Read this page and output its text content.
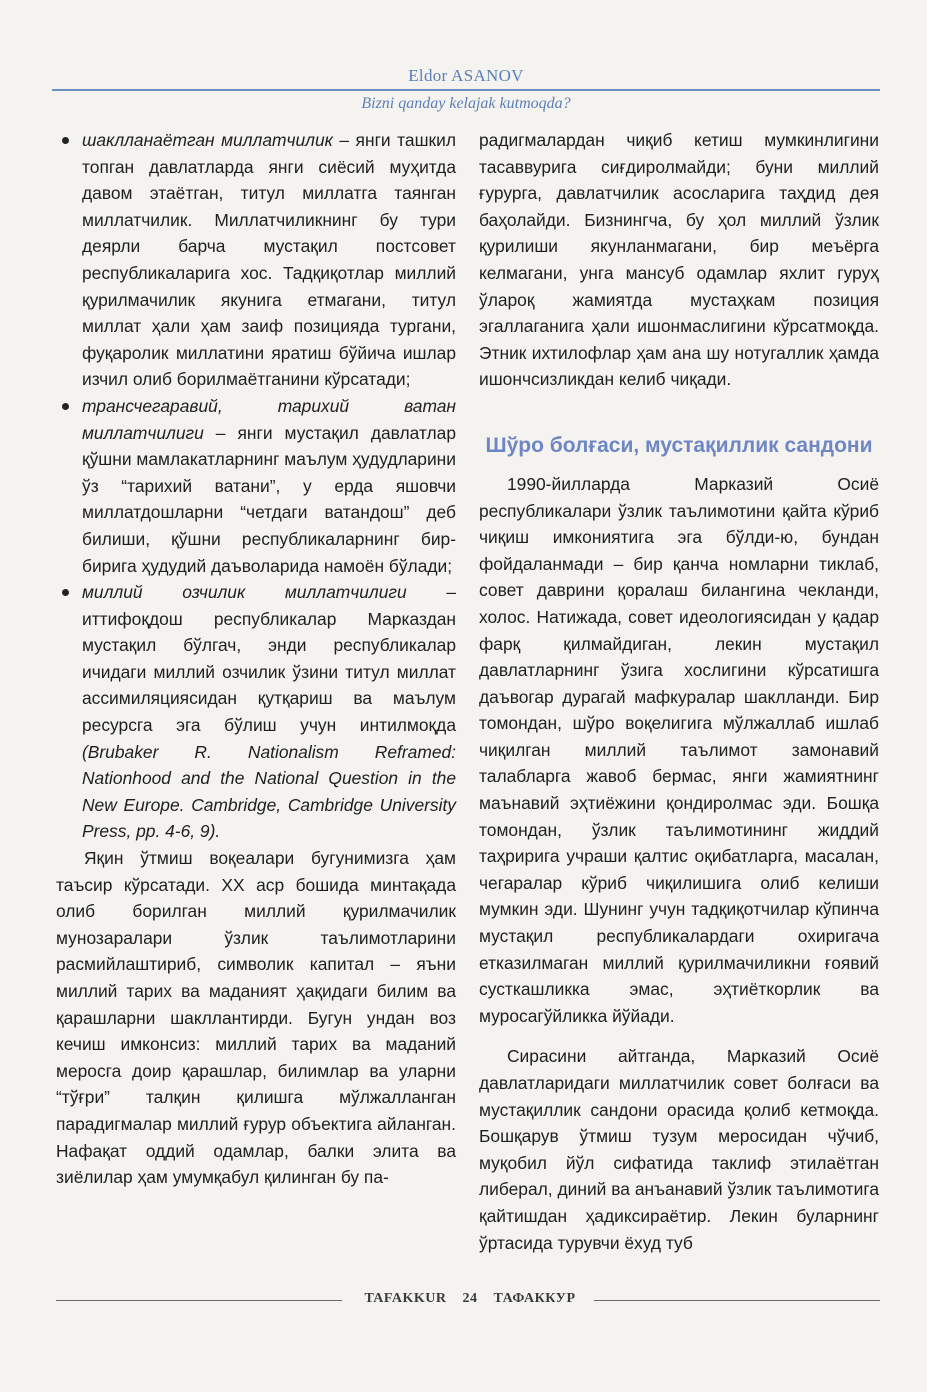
Eldor ASANOV
Bizni qanday kelajak kutmoqda?
шаклланаётган миллатчилик – янги ташкил топган давлатларда янги сиёсий муҳитда давом этаётган, титул миллатга таянган миллатчилик. Миллатчиликнинг бу тури деярли барча мустақил постсовет республикаларига хос. Тадқиқотлар миллий қурилмачилик якунига етмагани, титул миллат ҳали ҳам заиф позицияда тургани, фуқаролик миллатини яратиш бўйича ишлар изчил олиб борилмаётганини кўрсатади;
трансчегаравий, тарихий ватан миллатчилиги – янги мустақил давлатлар қўшни мамлакатларнинг маълум ҳудудларини ўз “тарихий ватани”, у ерда яшовчи миллатдошларни “четдаги ватандош” деб билиши, қўшни республикаларнинг бир-бирига ҳудудий даъволарида намоён бўлади;
миллий озчилик миллатчилиги – иттифоқдош республикалар Марказдан мустақил бўлгач, энди республикалар ичидаги миллий озчилик ўзини титул миллат ассимиляциясидан қутқариш ва маълум ресурсга эга бўлиш учун интилмоқда (Brubaker R. Nationalism Reframed: Nationhood and the National Question in the New Europe. Cambridge, Cambridge University Press, pp. 4-6, 9).

Яқин ўтмиш воқеалари бугунимизга ҳам таъсир кўрсатади. XX аср бошида минтақада олиб борилган миллий қурилмачилик мунозаралари ўзлик таълимотларини расмийлаштириб, символик капитал – яъни миллий тарих ва маданият ҳақидаги билим ва қарашларни шакллантирди. Бугун ундан воз кечиш имконсиз: миллий тарих ва маданий меросга доир қарашлар, билимлар ва уларни “тўғри” талқин қилишга мўлжалланган парадигмалар миллий ғурур объектига айланган. Нафақат оддий одамлар, балки элита ва зиёлилар ҳам умумқабул қилинган бу па-

радигмалардан чиқиб кетиш мумкинлигини тасаввурига сиғдиролмайди; буни миллий ғурурга, давлатчилик асосларига таҳдид дея баҳолайди. Бизнингча, бу ҳол миллий ўзлик қурилиши якунланмагани, бир меъёрга келмагани, унга мансуб одамлар яхлит гуруҳ ўлароқ жамиятда мустаҳкам позиция эгаллаганига ҳали ишонмаслигини кўрсатмоқда. Этник ихтилофлар ҳам ана шу нотугаллик ҳамда ишончсизликдан келиб чиқади.

Шўро болғаси, мустақиллик сандони

1990-йилларда Марказий Осиё республикалари ўзлик таълимотини қайта кўриб чиқиш имкониятига эга бўлди-ю, бундан фойдаланмади – бир қанча номларни тиклаб, совет даврини қоралаш билангина чекланди, холос. Натижада, совет идеологиясидан у қадар фарқ қилмайдиган, лекин мустақил давлатларнинг ўзига хослигини кўрсатишга даъвогар дурагай мафкуралар шаклланди. Бир томондан, шўро воқелигига мўлжаллаб ишлаб чиқилган миллий таълимот замонавий талабларга жавоб бермас, янги жамиятнинг маънавий эҳтиёжини қондиролмас эди. Бошқа томондан, ўзлик таълимотининг жиддий таҳририга учраши қалтис оқибатларга, масалан, чегаралар кўриб чиқилишига олиб келиши мумкин эди. Шунинг учун тадқиқотчилар кўпинча мустақил республикалардаги охиригача етказилмаган миллий қурилмачиликни ғоявий сусткашликка эмас, эҳтиёткорлик ва муросагўйликка йўйади.

Сирасини айтганда, Марказий Осиё давлатларидаги миллатчилик совет болғаси ва мустақиллик сандони орасида қолиб кетмоқда. Бошқарув ўтмиш тузум меросидан чўчиб, муқобил йўл сифатида таклиф этилаётган либерал, диний ва анъанавий ўзлик таълимотига қайтишдан ҳадиксираётир. Лекин буларнинг ўртасида турувчи ёхуд туб

TAFAKKUR 24 ТАФАККУР
